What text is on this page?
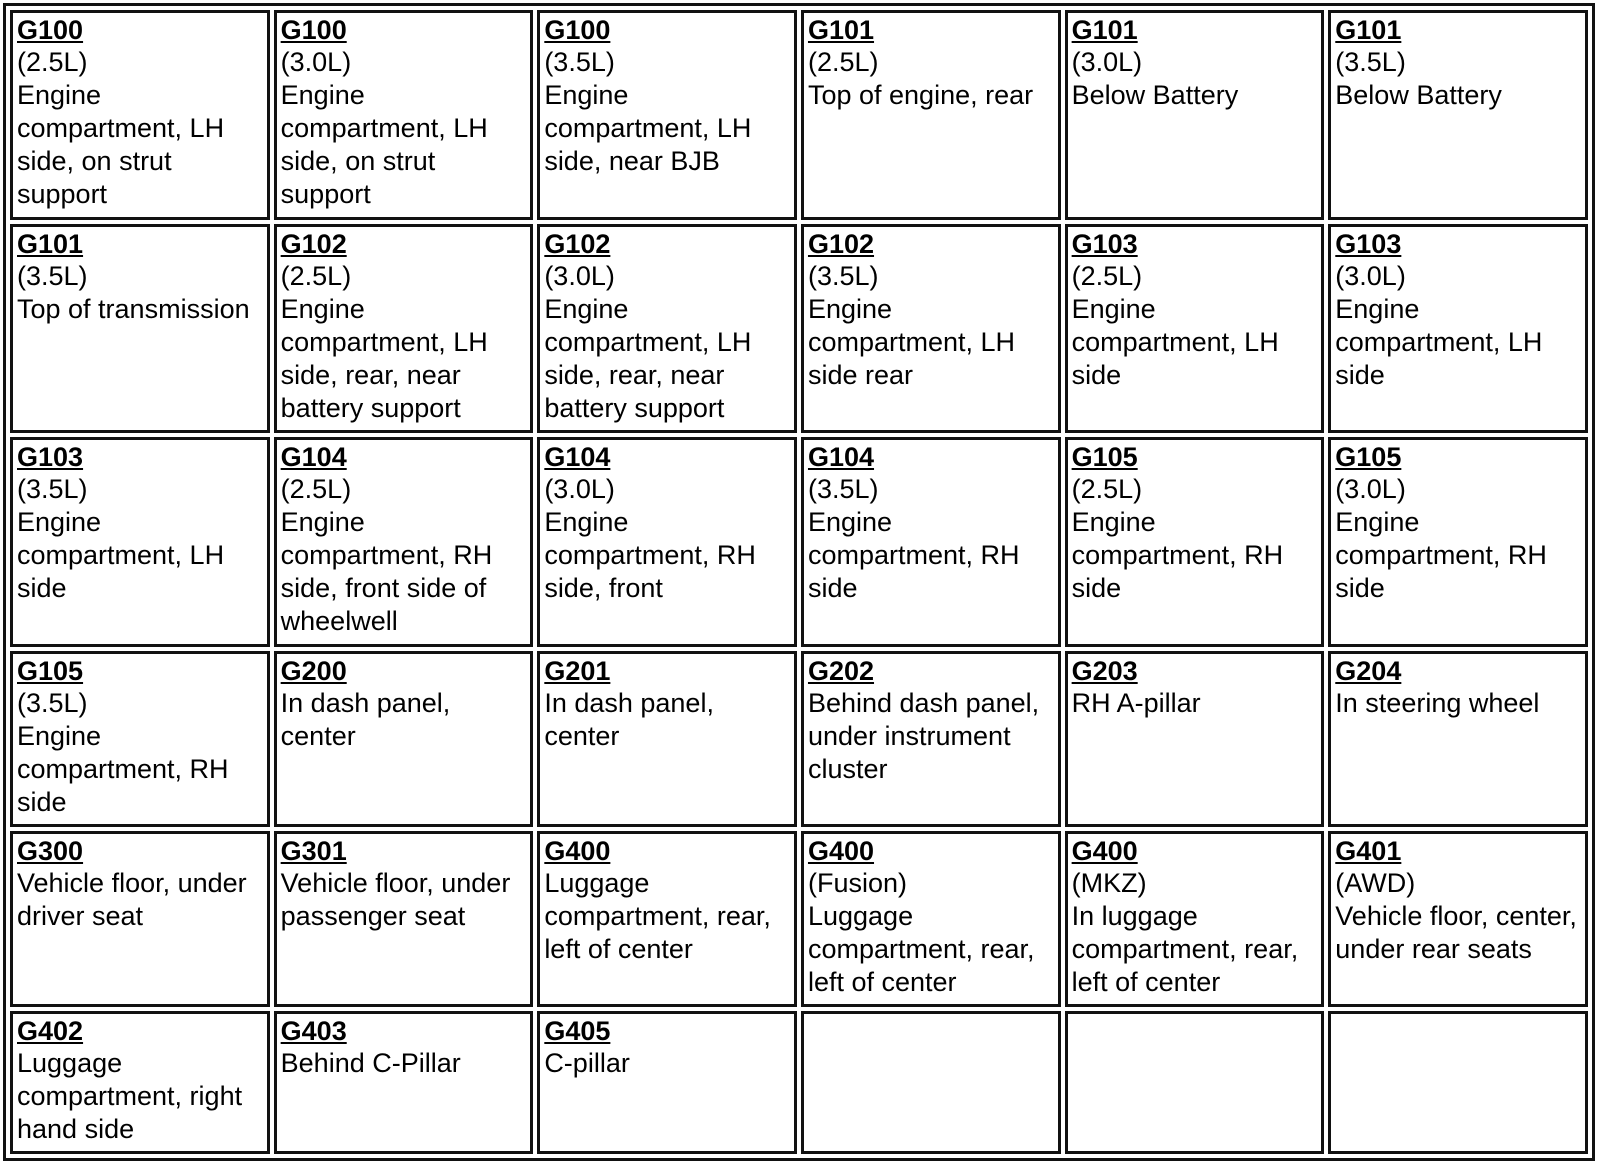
G100
(2.5L)
Engine compartment, LH side, on strut support	G100
(3.0L)
Engine compartment, LH side, on strut support	G100
(3.5L)
Engine compartment, LH side, near BJB	G101
(2.5L)
Top of engine, rear	G101
(3.0L)
Below Battery	G101
(3.5L)
Below Battery

G101
(3.5L)
Top of transmission	G102
(2.5L)
Engine compartment, LH side, rear, near battery support	G102
(3.0L)
Engine compartment, LH side, rear, near battery support	G102
(3.5L)
Engine compartment, LH side rear	G103
(2.5L)
Engine compartment, LH side	G103
(3.0L)
Engine compartment, LH side

G103
(3.5L)
Engine compartment, LH side	G104
(2.5L)
Engine compartment, RH side, front side of wheelwell	G104
(3.0L)
Engine compartment, RH side, front	G104
(3.5L)
Engine compartment, RH side	G105
(2.5L)
Engine compartment, RH side	G105
(3.0L)
Engine compartment, RH side

G105
(3.5L)
Engine compartment, RH side	G200
In dash panel, center	G201
In dash panel, center	G202
Behind dash panel, under instrument cluster	G203
RH A-pillar	G204
In steering wheel

G300
Vehicle floor, under driver seat	G301
Vehicle floor, under passenger seat	G400
Luggage compartment, rear, left of center	G400
(Fusion)
Luggage compartment, rear, left of center	G400
(MKZ)
In luggage compartment, rear, left of center	G401
(AWD)
Vehicle floor, center, under rear seats

G402
Luggage compartment, right hand side	G403
Behind C-Pillar	G405
C-pillar			
